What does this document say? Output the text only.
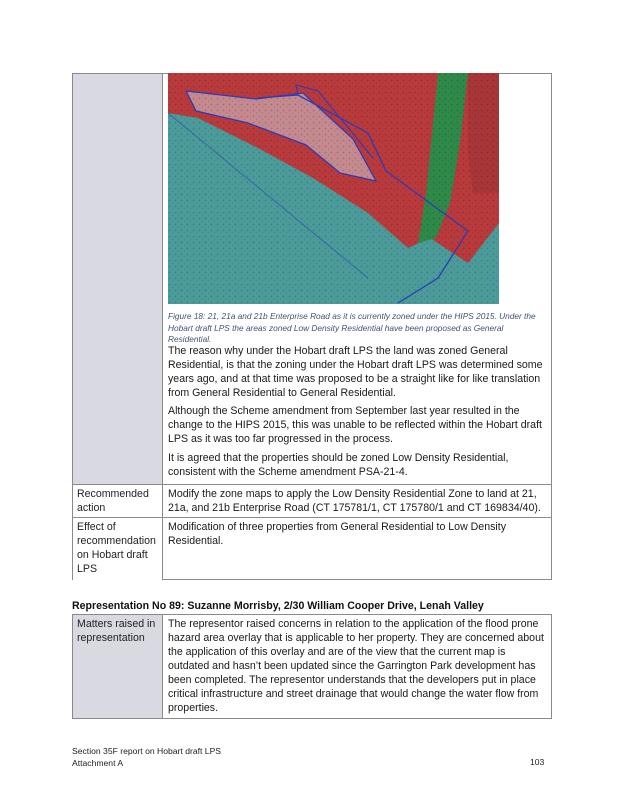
Recommended action
Modify the zone maps to apply the Low Density Residential Zone to land at 21, 21a, and 21b Enterprise Road (CT 175781/1, CT 175780/1 and CT 169834/40).
Effect of recommendation on Hobart draft LPS
Modification of three properties from General Residential to Low Density Residential.
Figure 18: 21, 21a and 21b Enterprise Road as it is currently zoned under the HIPS 2015. Under the Hobart draft LPS the areas zoned Low Density Residential have been proposed as General Residential.

The reason why under the Hobart draft LPS the land was zoned General Residential, is that the zoning under the Hobart draft LPS was determined some years ago, and at that time was proposed to be a straight like for like translation from General Residential to General Residential.

Although the Scheme amendment from September last year resulted in the change to the HIPS 2015, this was unable to be reflected within the Hobart draft LPS as it was too far progressed in the process.

It is agreed that the properties should be zoned Low Density Residential, consistent with the Scheme amendment PSA-21-4.

Representation No 89: Suzanne Morrisby, 2/30 William Cooper Drive, Lenah Valley
Matters raised in representation
The representor raised concerns in relation to the application of the flood prone hazard area overlay that is applicable to her property. They are concerned about the application of this overlay and are of the view that the current map is outdated and hasn’t been updated since the Garrington Park development has been completed. The representor understands that the developers put in place critical infrastructure and street drainage that would change the water flow from properties.
Section 35F report on Hobart draft LPS
Attachment A	103
